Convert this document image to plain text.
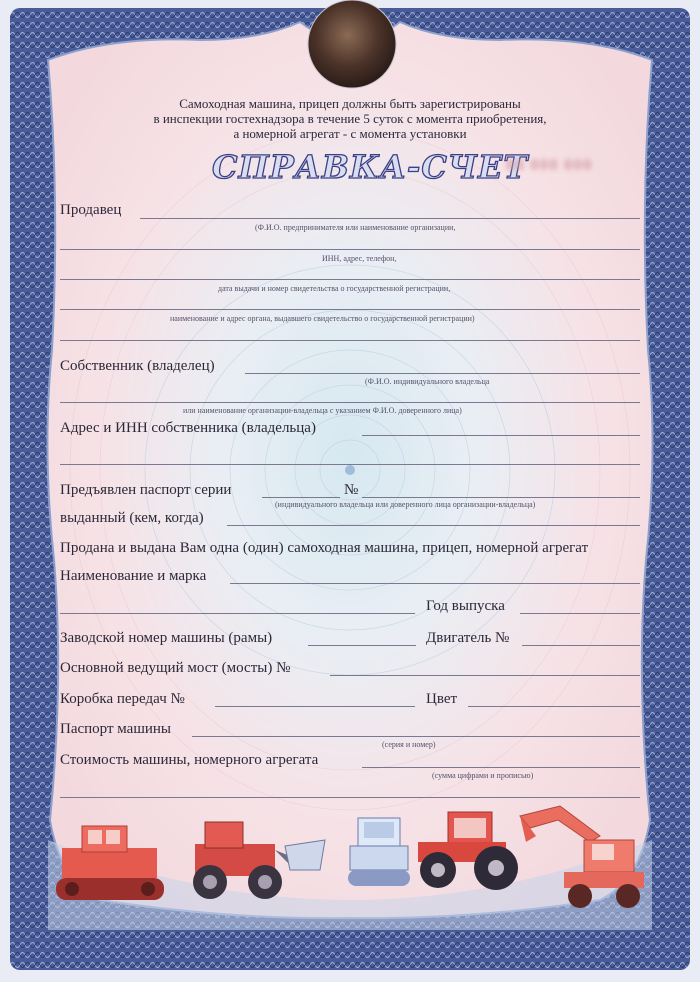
Самоходная машина, прицеп должны быть зарегистрированы
в инспекции гостехнадзора в течение 5 суток с момента приобретения,
а номерной агрегат - с момента установки
СПРАВКА-СЧЕТ
88 000 000
Продавец
(Ф.И.О. предпринимателя или наименование организации,
ИНН, адрес, телефон,
дата выдачи и номер свидетельства о государственной регистрации,
наименование и адрес органа, выдавшего свидетельство о государственной регистрации)
Собственник (владелец)
(Ф.И.О. индивидуального владельца
или наименование организации-владельца с указанием Ф.И.О. доверенного лица)
Адрес и ИНН собственника (владельца)
Предъявлен паспорт серии	№
(индивидуального владельца или доверенного лица организации-владельца)
выданный (кем, когда)
Продана и выдана Вам одна (один) самоходная машина, прицеп, номерной агрегат
Наименование и марка
Год выпуска
Заводской номер машины (рамы)	Двигатель №
Основной ведущий мост (мосты) №
Коробка передач №	Цвет
Паспорт машины
(серия и номер)
Стоимость машины, номерного агрегата
(сумма цифрами и прописью)
